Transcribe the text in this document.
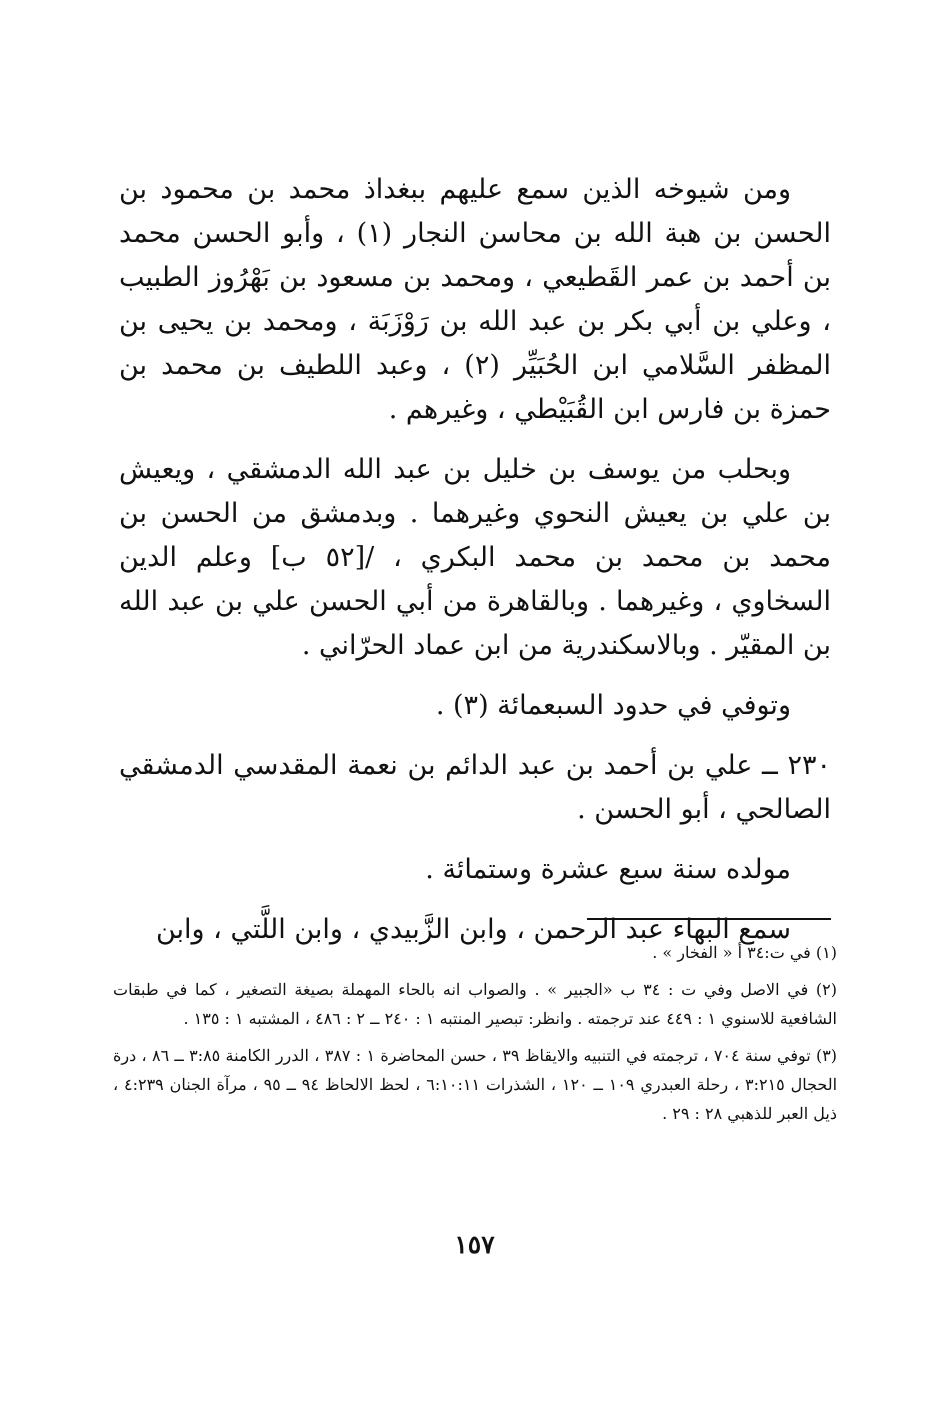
ومن شيوخه الذين سمع عليهم ببغداذ محمد بن محمود بن الحسن بن هبة الله بن محاسن النجار (١) ، وأبو الحسن محمد بن أحمد بن عمر القَطيعي ، ومحمد بن مسعود بن بَهْرُوز الطبيب ، وعلي بن أبي بكر بن عبد الله بن رَوْزَبَة ، ومحمد بن يحيى بن المظفر السَّلامي ابن الحُبَيِّر (٢) ، وعبد اللطيف بن محمد بن حمزة بن فارس ابن القُبَيْطي ، وغيرهم .

وبحلب من يوسف بن خليل بن عبد الله الدمشقي ، ويعيش بن علي بن يعيش النحوي وغيرهما . وبدمشق من الحسن بن محمد بن محمد بن محمد البكري ، /[٥٢ ب] وعلم الدين السخاوي ، وغيرهما . وبالقاهرة من أبي الحسن علي بن عبد الله بن المقيّر . وبالاسكندرية من ابن عماد الحرّاني .

وتوفي في حدود السبعمائة (٣) .

٢٣٠ ــ علي بن أحمد بن عبد الدائم بن نعمة المقدسي الدمشقي الصالحي ، أبو الحسن .

مولده سنة سبع عشرة وستمائة .

سمع البهاء عبد الرحمن ، وابن الزَّبيدي ، وابن اللَّتي ، وابن

(١) في ت:٣٤ أ « الفخار » .

(٢) في الاصل وفي ت : ٣٤ ب «الجبير » . والصواب انه بالحاء المهملة بصيغة التصغير ، كما في طبقات الشافعية للاسنوي ١ : ٤٤٩ عند ترجمته . وانظر: تبصير المنتبه ١ : ٢٤٠ ــ ٢ : ٤٨٦ ، المشتبه ١ : ١٣٥ .

(٣) توفي سنة ٧٠٤ ، ترجمته في التنبيه والايقاظ ٣٩ ، حسن المحاضرة ١ : ٣٨٧ ، الدرر الكامنة ٣:٨٥ ــ ٨٦ ، درة الحجال ٣:٢١٥ ، رحلة العبدري ١٠٩ ــ ١٢٠ ، الشذرات ٦:١٠:١١ ، لحظ الالحاظ ٩٤ ــ ٩٥ ، مرآة الجنان ٤:٢٣٩ ، ذيل العبر للذهبي ٢٨ : ٢٩ .

١٥٧
